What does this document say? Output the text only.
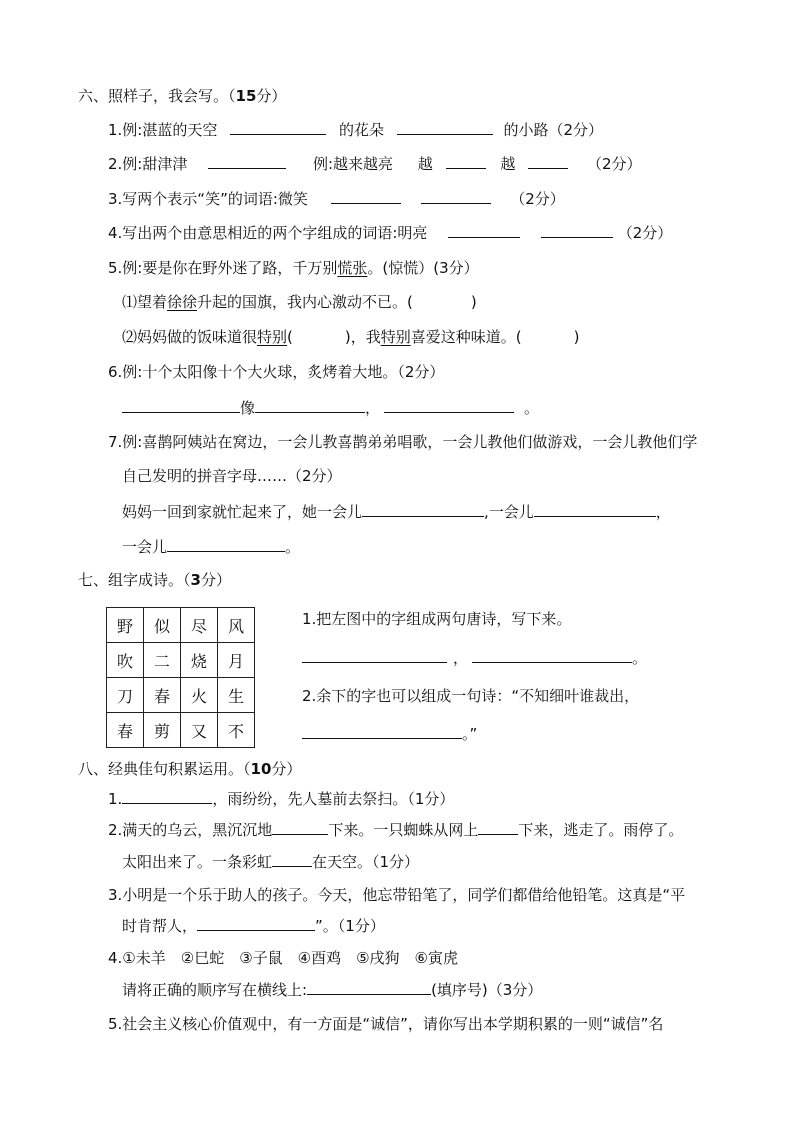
六、照样子，我会写。（15分）
1.例:湛蓝的天空	的花朵	的小路（2分）
2.例:甜津津	例:越来越亮 越	越	（2分）
3.写两个表示“笑”的词语:微笑	（2分）
4.写出两个由意思相近的两个字组成的词语:明亮	（2分）
5.例:要是你在野外迷了路，千万别慌张。(惊慌）(3分）
⑴望着徐徐升起的国旗，我内心激动不已。(	)
⑵妈妈做的饭味道很特别(	)，我特别喜爱这种味道。(	)
6.例:十个太阳像十个大火球，炙烤着大地。（2分）
像	，	。
7.例:喜鹊阿姨站在窝边，一会儿教喜鹊弟弟唱歌，一会儿教他们做游戏，一会儿教他们学
自己发明的拼音字母……（2分）
妈妈一回到家就忙起来了，她一会儿	,一会儿	，
一会儿	。
七、组字成诗。（3分）
野	似	尽	风
吹	二	烧	月
刀	春	火	生
春	剪	又	不
1.把左图中的字组成两句唐诗，写下来。
，	。
2.余下的字也可以组成一句诗：“不知细叶谁裁出，
。”
八、经典佳句积累运用。（10分）
1.	，雨纷纷，先人墓前去祭扫。（1分）
2.满天的乌云，黑沉沉地	下来。一只蜘蛛从网上	下来，逃走了。雨停了。
太阳出来了。一条彩虹	在天空。（1分）
3.小明是一个乐于助人的孩子。今天，他忘带铅笔了，同学们都借给他铅笔。这真是“平
时肯帮人，	”。（1分）
4.①未羊　②巳蛇　③子鼠　④酉鸡　⑤戌狗　⑥寅虎
请将正确的顺序写在横线上:	(填序号)（3分）
5.社会主义核心价值观中，有一方面是“诚信”，请你写出本学期积累的一则“诚信”名
